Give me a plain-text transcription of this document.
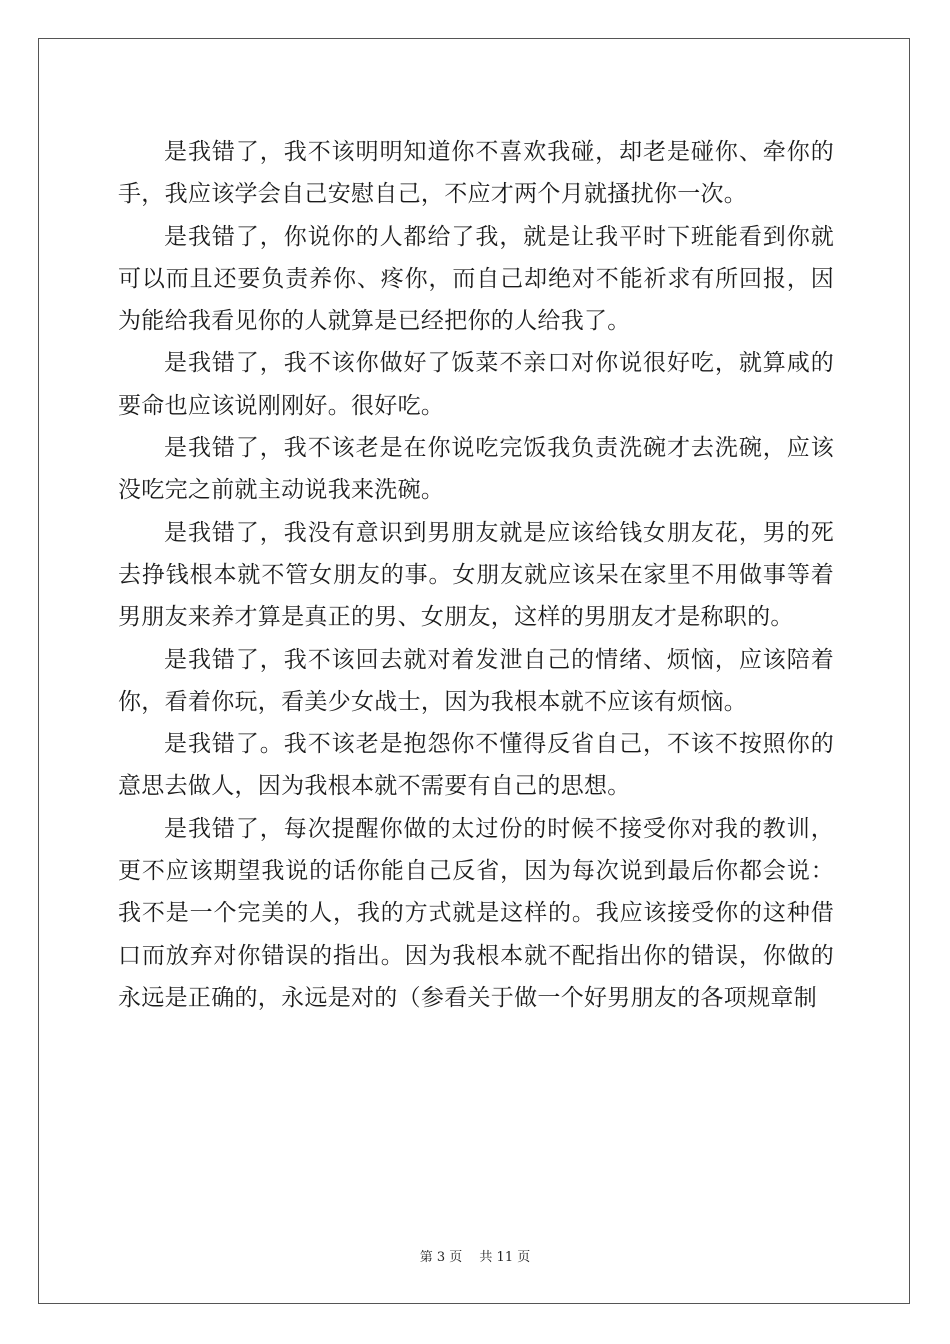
是我错了，我不该明明知道你不喜欢我碰，却老是碰你、牵你的手，我应该学会自己安慰自己，不应才两个月就搔扰你一次。

是我错了，你说你的人都给了我，就是让我平时下班能看到你就可以而且还要负责养你、疼你，而自己却绝对不能祈求有所回报，因为能给我看见你的人就算是已经把你的人给我了。

是我错了，我不该你做好了饭菜不亲口对你说很好吃，就算咸的要命也应该说刚刚好。很好吃。

是我错了，我不该老是在你说吃完饭我负责洗碗才去洗碗，应该没吃完之前就主动说我来洗碗。

是我错了，我没有意识到男朋友就是应该给钱女朋友花，男的死去挣钱根本就不管女朋友的事。女朋友就应该呆在家里不用做事等着男朋友来养才算是真正的男、女朋友，这样的男朋友才是称职的。

是我错了，我不该回去就对着发泄自己的情绪、烦恼，应该陪着你，看着你玩，看美少女战士，因为我根本就不应该有烦恼。

是我错了。我不该老是抱怨你不懂得反省自己，不该不按照你的意思去做人，因为我根本就不需要有自己的思想。

是我错了，每次提醒你做的太过份的时候不接受你对我的教训，更不应该期望我说的话你能自己反省，因为每次说到最后你都会说：我不是一个完美的人，我的方式就是这样的。我应该接受你的这种借口而放弃对你错误的指出。因为我根本就不配指出你的错误，你做的永远是正确的，永远是对的（参看关于做一个好男朋友的各项规章制

第 3 页　 共 11 页
